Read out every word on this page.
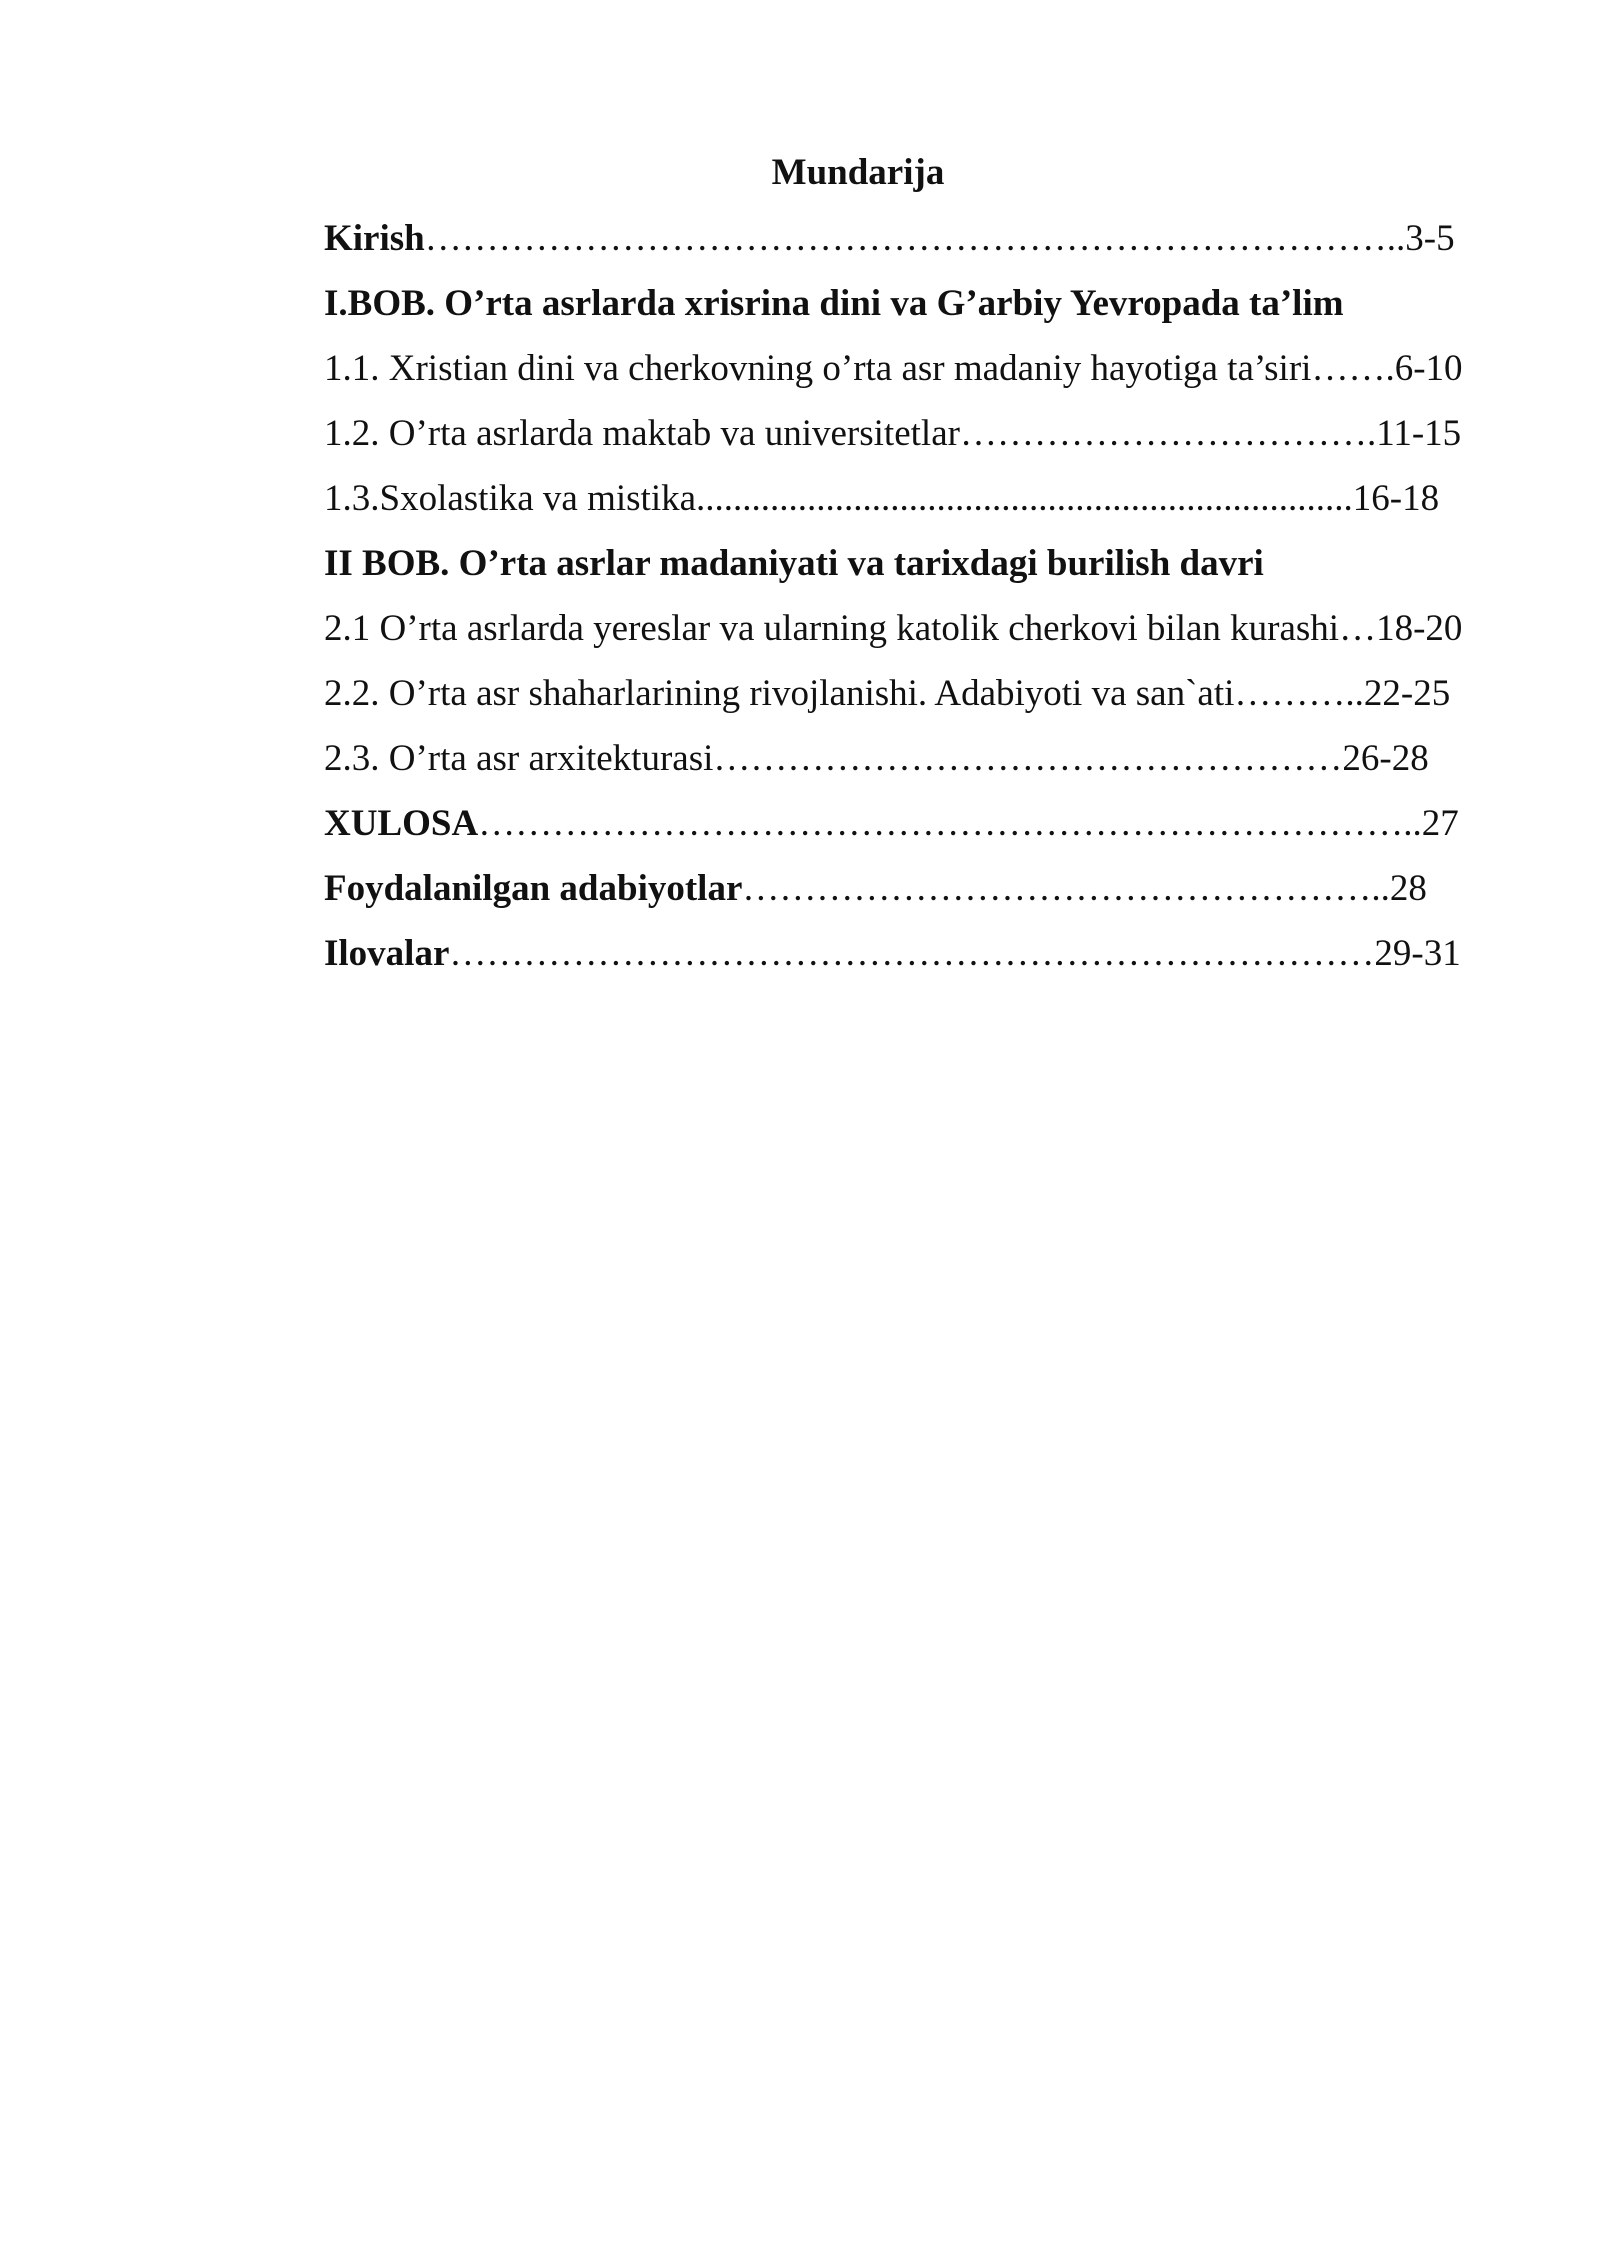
Mundarija
Kirish……………………………………………………………………..3-5
I.BOB. O’rta asrlarda xrisrina dini va G’arbiy Yevropada ta’lim
1.1. Xristian dini va cherkovning o’rta asr madaniy hayotiga ta’siri…….6-10
1.2. O’rta asrlarda maktab va universitetlar…………………………….11-15
1.3.Sxolastika va mistika.......................................................................16-18
II BOB. O’rta asrlar madaniyati va tarixdagi burilish davri
2.1 O’rta asrlarda yereslar va ularning katolik cherkovi bilan kurashi…18-20
2.2. O’rta asr shaharlarining rivojlanishi. Adabiyoti va san`ati………..22-25
2.3. O’rta asr arxitekturasi……………………………………………26-28
XULOSA…………………………………………………………………..27
Foydalanilgan adabiyotlar……………………………………………..28
Ilovalar…………………………………………………………………29-31
